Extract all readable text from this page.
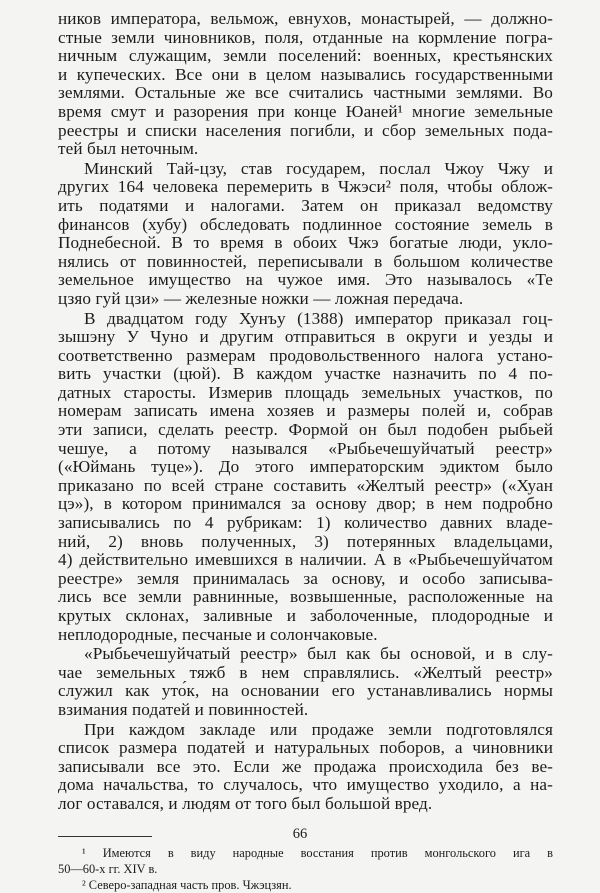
ников императора, вельмож, евнухов, монастырей, — должно-
стные земли чиновников, поля, отданные на кормление погра-
ничным служащим, земли поселений: военных, крестьянских
и купеческих. Все они в целом назывались государственными
землями. Остальные же все считались частными землями. Во
время смут и разорения при конце Юаней¹ многие земельные
реестры и списки населения погибли, и сбор земельных пода-
тей был неточным.
Минский Тай-цзу, став государем, послал Чжоу Чжу и
других 164 человека перемерить в Чжэси² поля, чтобы облож-
ить податями и налогами. Затем он приказал ведомству
финансов (хубу) обследовать подлинное состояние земель в
Поднебесной. В то время в обоих Чжэ богатые люди, укло-
нялись от повинностей, переписывали в большом количестве
земельное имущество на чужое имя. Это называлось «Те
цзяо гуй цзи» — железные ножки — ложная передача.
В двадцатом году Хунъу (1388) император приказал гоц-
зышэну У Чуно и другим отправиться в округи и уезды и
соответственно размерам продовольственного налога устано-
вить участки (цюй). В каждом участке назначить по 4 по-
датных старосты. Измерив площадь земельных участков, по
номерам записать имена хозяев и размеры полей и, собрав
эти записи, сделать реестр. Формой он был подобен рыбьей
чешуе, а потому назывался «Рыбьечешуйчатый реестр»
(«Юймань туце»). До этого императорским эдиктом было
приказано по всей стране составить «Желтый реестр» («Хуан
цэ»), в котором принимался за основу двор; в нем подробно
записывались по 4 рубрикам: 1) количество давних владе-
ний, 2) вновь полученных, 3) потерянных владельцами,
4) действительно имевшихся в наличии. А в «Рыбьечешуйчатом
реестре» земля принималась за основу, и особо записыва-
лись все земли равнинные, возвышенные, расположенные на
крутых склонах, заливные и заболоченные, плодородные и
неплодородные, песчаные и солончаковые.
«Рыбьечешуйчатый реестр» был как бы основой, и в слу-
чае земельных тяжб в нем справлялись. «Желтый реестр»
служил как уто́к, на основании его устанавливались нормы
взимания податей и повинностей.
При каждом закладе или продаже земли подготовлялся
список размера податей и натуральных поборов, а чиновники
записывали все это. Если же продажа происходила без ве-
дома начальства, то случалось, что имущество уходило, а на-
лог оставался, и людям от того был большой вред.
¹ Имеются в виду народные восстания против монгольского ига в
50—60-х гг. XIV в.
² Северо-западная часть пров. Чжэцзян.
66
